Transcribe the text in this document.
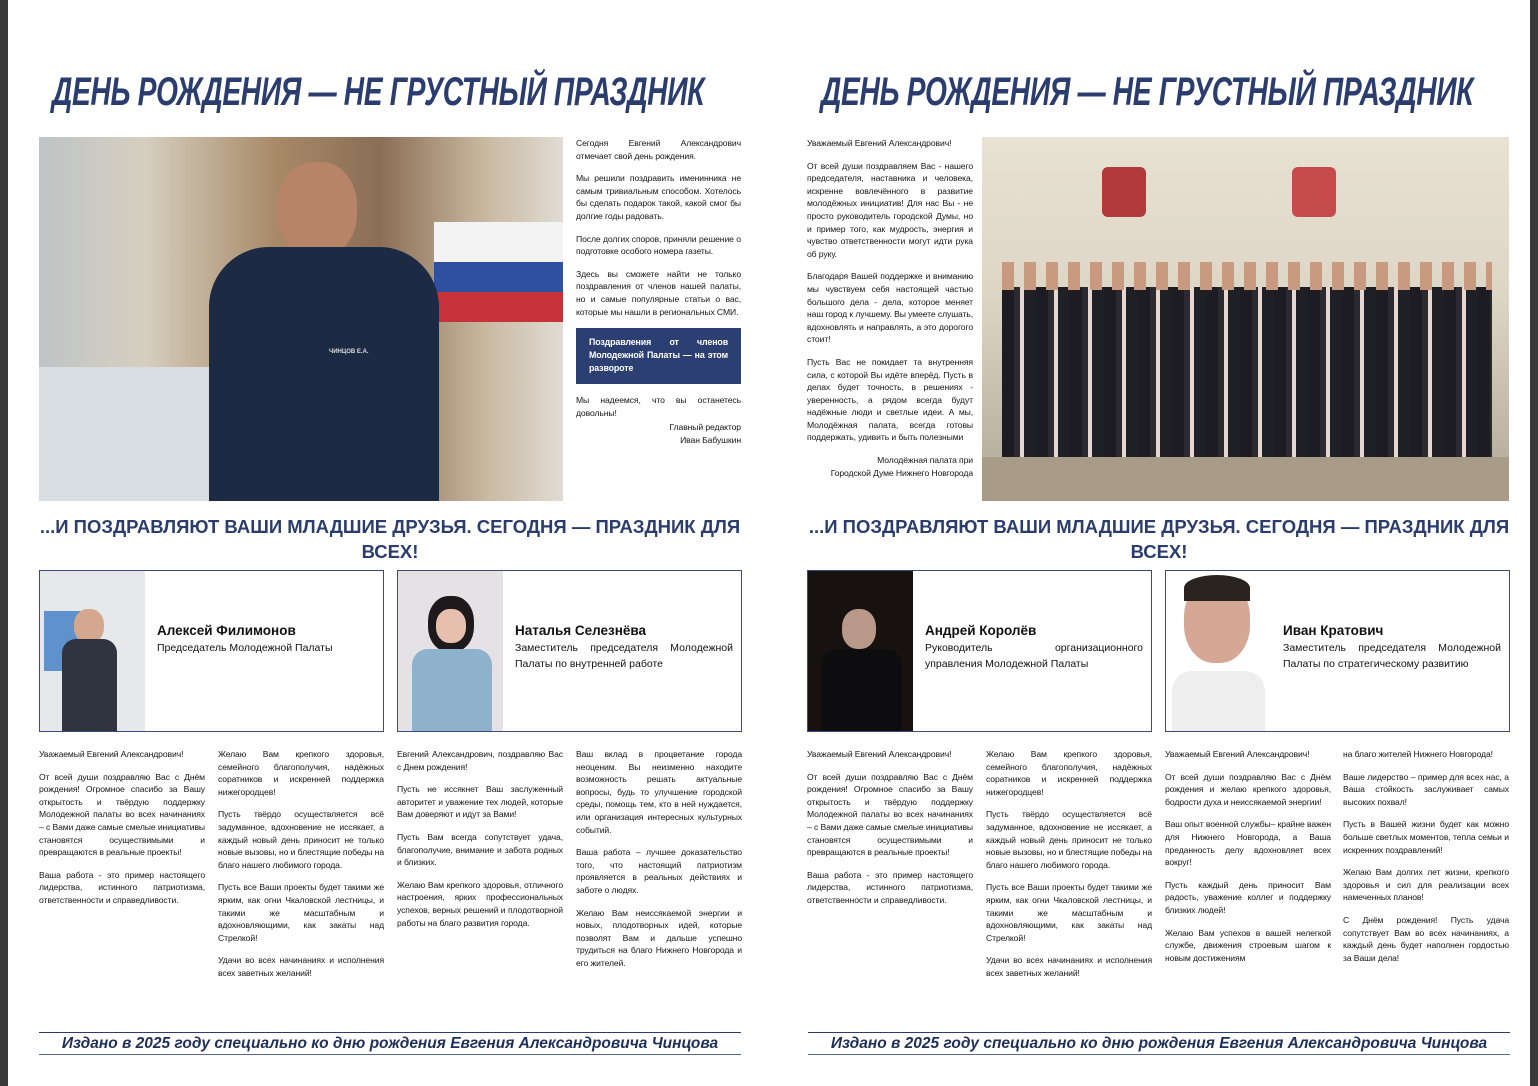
ДЕНЬ РОЖДЕНИЯ — НЕ ГРУСТНЫЙ ПРАЗДНИК
ЧИНЦОВ Е.А.

Сегодня Евгений Александрович отмечает свой день рождения.

Мы решили поздравить именинника не самым тривиальным способом. Хотелось бы сделать подарок такой, какой смог бы долгие годы радовать.

После долгих споров, приняли решение о подготовке особого номера газеты.

Здесь вы сможете найти не только поздравления от членов нашей палаты, но и самые популярные статьи о вас, которые мы нашли в региональных СМИ.

Поздравления от членов Молодежной Палаты — на этом развороте

Мы надеемся, что вы останетесь довольны!

Главный редактор

Иван Бабушкин

...И ПОЗДРАВЛЯЮТ ВАШИ МЛАДШИЕ ДРУЗЬЯ. СЕГОДНЯ — ПРАЗДНИК ДЛЯ ВСЕХ!
Алексей Филимонов
Председатель Молодежной Палаты
Наталья Селезнёва
Заместитель председателя Молодежной Палаты по внутренней работе

Уважаемый Евгений Александрович!

От всей души поздравляю Вас с Днём рождения! Огромное спасибо за Вашу открытость и твёрдую поддержку Молодежной палаты во всех начинаниях – с Вами даже самые смелые инициативы становятся осуществимыми и превращаются в реальные проекты!

Ваша работа - это пример настоящего лидерства, истинного патриотизма, ответственности и справедливости.

Желаю Вам крепкого здоровья, семейного благополучия, надёжных соратников и искренней поддержка нижегородцев!

Пусть твёрдо осуществляется всё задуманное, вдохновение не иссякает, а каждый новый день приносит не только новые вызовы, но и блестящие победы на благо нашего любимого города.

Пусть все Ваши проекты будет такими же ярким, как огни Чкаловской лестницы, и такими же масштабным и вдохновляющими, как закаты над Стрелкой!

Удачи во всех начинаниях и исполнения всех заветных желаний!

Евгений Александрович, поздравляю Вас с Днем рождения!

Пусть не иссякнет Ваш заслуженный авторитет и уважение тех людей, которые Вам доверяют и идут за Вами!

Пусть Вам всегда сопутствует удача, благополучие, внимание и забота родных и близких.

Желаю Вам крепкого здоровья, отличного настроения, ярких профессиональных успехов, верных решений и плодотворной работы на благо развития города.

Ваш вклад в процветание города неоценим. Вы неизменно находите возможность решать актуальные вопросы, будь то улучшение городской среды, помощь тем, кто в ней нуждается, или организация интересных культурных событий.

Ваша работа – лучшее доказательство того, что настоящий патриотизм проявляется в реальных действиях и заботе о людях.

Желаю Вам неиссякаемой энергии и новых, плодотворных идей, которые позволят Вам и дальше успешно трудиться на благо Нижнего Новгорода и его жителей.

Издано в 2025 году специально ко дню рождения Евгения Александровича Чинцова
ДЕНЬ РОЖДЕНИЯ — НЕ ГРУСТНЫЙ ПРАЗДНИК

Уважаемый Евгений Александрович!

От всей души поздравляем Вас - нашего председателя, наставника и человека, искренне вовлечённого в развитие молодёжных инициатив! Для нас Вы - не просто руководитель городской Думы, но и пример того, как мудрость, энергия и чувство ответственности могут идти рука об руку.

Благодаря Вашей поддержке и вниманию мы чувствуем себя настоящей частью большого дела - дела, которое меняет наш город к лучшему. Вы умеете слушать, вдохновлять и направлять, а это дорогого стоит!

Пусть Вас не покидает та внутренняя сила, с которой Вы идёте вперёд. Пусть в делах будет точность, в решениях - уверенность, а рядом всегда будут надёжные люди и светлые идеи. А мы, Молодёжная палата, всегда готовы поддержать, удивить и быть полезными

Молодёжная палата при

Городской Думе Нижнего Новгорода

...И ПОЗДРАВЛЯЮТ ВАШИ МЛАДШИЕ ДРУЗЬЯ. СЕГОДНЯ — ПРАЗДНИК ДЛЯ ВСЕХ!
Андрей Королёв
Руководитель организационного управления Молодежной Палаты
Иван Кратович
Заместитель председателя Молодежной Палаты по стратегическому развитию

Уважаемый Евгений Александрович!

От всей души поздравляю Вас с Днём рождения! Огромное спасибо за Вашу открытость и твёрдую поддержку Молодежной палаты во всех начинаниях – с Вами даже самые смелые инициативы становятся осуществимыми и превращаются в реальные проекты!

Ваша работа - это пример настоящего лидерства, истинного патриотизма, ответственности и справедливости.

Желаю Вам крепкого здоровья, семейного благополучия, надёжных соратников и искренней поддержка нижегородцев!

Пусть твёрдо осуществляется всё задуманное, вдохновение не иссякает, а каждый новый день приносит не только новые вызовы, но и блестящие победы на благо нашего любимого города.

Пусть все Ваши проекты будет такими же ярким, как огни Чкаловской лестницы, и такими же масштабным и вдохновляющими, как закаты над Стрелкой!

Удачи во всех начинаниях и исполнения всех заветных желаний!

Уважаемый Евгений Александрович!

От всей души поздравляю Вас с Днём рождения и желаю крепкого здоровья, бодрости духа и неиссякаемой энергии!

Ваш опыт военной службы– крайне важен для Нижнего Новгорода, а Ваша преданность делу вдохновляет всех вокруг!

Пусть каждый день приносит Вам радость, уважение коллег и поддержку близких людей!

Желаю Вам успехов в вашей нелегкой службе, движения строевым шагом к новым достижениям

на благо жителей Нижнего Новгорода!

Ваше лидерство – пример для всех нас, а Ваша стойкость заслуживает самых высоких похвал!

Пусть в Вашей жизни будет как можно больше светлых моментов, тепла семьи и искренних поздравлений!

Желаю Вам долгих лет жизни, крепкого здоровья и сил для реализации всех намеченных планов!

С Днём рождения! Пусть удача сопутствует Вам во всех начинаниях, а каждый день будет наполнен гордостью за Ваши дела!

Издано в 2025 году специально ко дню рождения Евгения Александровича Чинцова
